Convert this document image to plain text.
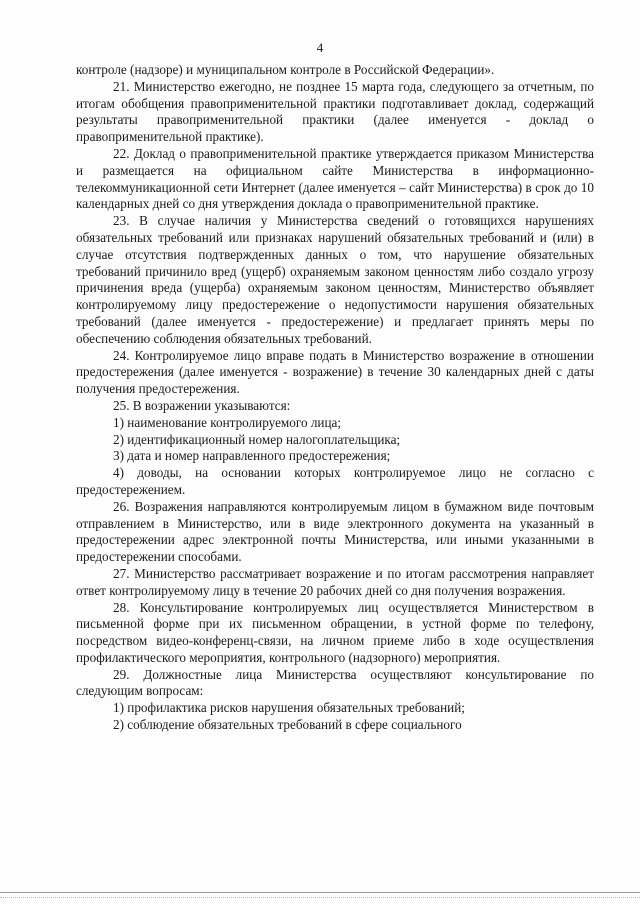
4

контроле (надзоре) и муниципальном контроле в Российской Федерации».

21. Министерство ежегодно, не позднее 15 марта года, следующего за отчетным, по итогам обобщения правоприменительной практики подготавливает доклад, содержащий результаты правоприменительной практики (далее именуется - доклад о правоприменительной практике).

22. Доклад о правоприменительной практике утверждается приказом Министерства и размещается на официальном сайте Министерства в информационно-телекоммуникационной сети Интернет (далее именуется – сайт Министерства) в срок до 10 календарных дней со дня утверждения доклада о правоприменительной практике.

23. В случае наличия у Министерства сведений о готовящихся нарушениях обязательных требований или признаках нарушений обязательных требований и (или) в случае отсутствия подтвержденных данных о том, что нарушение обязательных требований причинило вред (ущерб) охраняемым законом ценностям либо создало угрозу причинения вреда (ущерба) охраняемым законом ценностям, Министерство объявляет контролируемому лицу предостережение о недопустимости нарушения обязательных требований (далее именуется - предостережение) и предлагает принять меры по обеспечению соблюдения обязательных требований.

24. Контролируемое лицо вправе подать в Министерство возражение в отношении предостережения (далее именуется - возражение) в течение 30 календарных дней с даты получения предостережения.

25. В возражении указываются:

1) наименование контролируемого лица;

2) идентификационный номер налогоплательщика;

3) дата и номер направленного предостережения;

4) доводы, на основании которых контролируемое лицо не согласно с предостережением.

26. Возражения направляются контролируемым лицом в бумажном виде почтовым отправлением в Министерство, или в виде электронного документа на указанный в предостережении адрес электронной почты Министерства, или иными указанными в предостережении способами.

27. Министерство рассматривает возражение и по итогам рассмотрения направляет ответ контролируемому лицу в течение 20 рабочих дней со дня получения возражения.

28. Консультирование контролируемых лиц осуществляется Министерством в письменной форме при их письменном обращении, в устной форме по телефону, посредством видео-конференц-связи, на личном приеме либо в ходе осуществления профилактического мероприятия, контрольного (надзорного) мероприятия.

29. Должностные лица Министерства осуществляют консультирование по следующим вопросам:

1) профилактика рисков нарушения обязательных требований;

2) соблюдение обязательных требований в сфере социального
